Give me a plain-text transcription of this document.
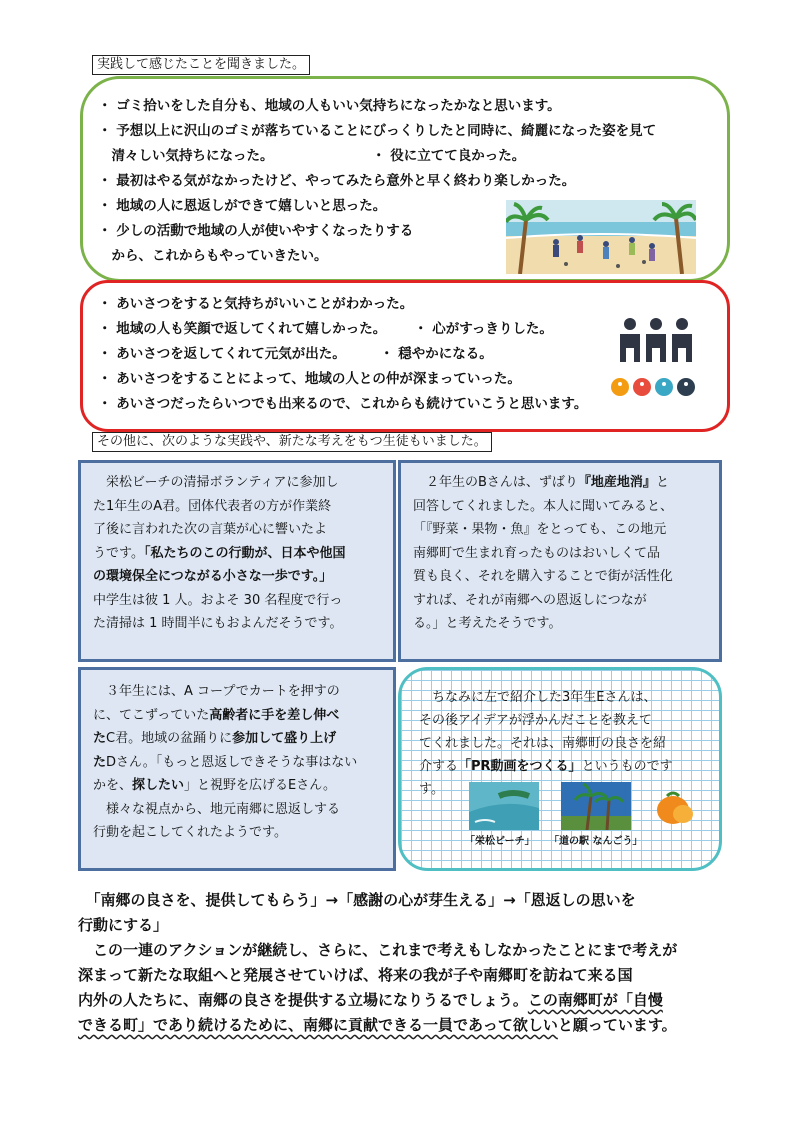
実践して感じたことを聞きました。
・ ゴミ拾いをした自分も、地域の人もいい気持ちになったかなと思います。
・ 予想以上に沢山のゴミが落ちていることにびっくりしたと同時に、綺麗になった姿を見て
　清々しい気持ちになった。	・ 役に立てて良かった。
・ 最初はやる気がなかったけど、やってみたら意外と早く終わり楽しかった。
・ 地域の人に恩返しができて嬉しいと思った。
・ 少しの活動で地域の人が使いやすくなったりする
　から、これからもやっていきたい。
・ あいさつをすると気持ちがいいことがわかった。
・ 地域の人も笑顔で返してくれて嬉しかった。 ・ 心がすっきりした。
・ あいさつを返してくれて元気が出た。	・ 穏やかになる。
・ あいさつをすることによって、地域の人との仲が深まっていった。
・ あいさつだったらいつでも出来るので、これからも続けていこうと思います。
その他に、次のような実践や、新たな考えをもつ生徒もいました。

　栄松ビーチの清掃ボランティアに参加し

た1年生のA君。団体代表者の方が作業終

了後に言われた次の言葉が心に響いたよ

うです。「私たちのこの行動が、日本や他国

の環境保全につながる小さな一歩です。」

中学生は彼 1 人。およそ 30 名程度で行っ

た清掃は 1 時間半にもおよんだそうです。

　２年生のBさんは、ずばり『地産地消』と

回答してくれました。本人に聞いてみると、

「『野菜・果物・魚』をとっても、この地元

南郷町で生まれ育ったものはおいしくて品

質も良く、それを購入することで街が活性化

すれば、それが南郷への恩返しにつなが

る。」と考えたそうです。

　３年生には、A コープでカートを押すの

に、てこずっていた高齢者に手を差し伸べ

たC君。地域の盆踊りに参加して盛り上げ

たDさん。「もっと恩返しできそうな事はない

かを、探したい」と視野を広げるEさん。

　様々な視点から、地元南郷に恩返しする

行動を起こしてくれたようです。

　ちなみに左で紹介した3年生Eさんは、

その後アイデアが浮かんだことを教えて

てくれました。それは、南郷町の良さを紹

介する「PR動画をつくる」というものです

す。

「栄松ビーチ」 「道の駅 なんごう」
　「南郷の良さを、提供してもらう」→「感謝の心が芽生える」→「恩返しの思いを
行動にする」
　この一連のアクションが継続し、さらに、これまで考えもしなかったことにまで考えが
深まって新たな取組へと発展させていけば、将来の我が子や南郷町を訪ねて来る国
内外の人たちに、南郷の良さを提供する立場になりうるでしょう。この南郷町が「自慢
できる町」であり続けるために、南郷に貢献できる一員であって欲しいと願っています。
